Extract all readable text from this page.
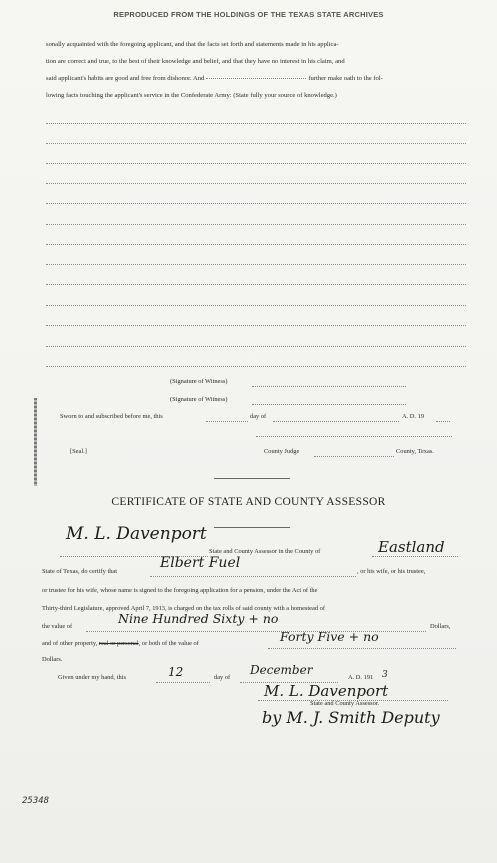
REPRODUCED FROM THE HOLDINGS OF THE TEXAS STATE ARCHIVES
sonally acquainted with the foregoing applicant, and that the facts set forth and statements made in his applica-
tion are correct and true, to the best of their knowledge and belief, and that they have no interest in his claim, and
said applicant's habits are good and free from dishonor. And	further make oath to the fol-
lowing facts touching the applicant's service in the Confederate Army: (State fully your source of knowledge.)
(Signature of Witness)
(Signature of Witness)
Sworn to and subscribed before me, this	day of	A. D. 19
[Seal.]	County Judge	County, Texas.
CERTIFICATE OF STATE AND COUNTY ASSESSOR
M. L. Davenport
State and County Assessor in the County of	Eastland
State of Texas, do certify that
Elbert Fuel
, or his wife, or his trustee,
or trustee for his wife, whose name is signed to the foregoing application for a pension, under the Act of the
Thirty-third Legislature, approved April 7, 1913, is charged on the tax rolls of said county with a homestead of
the value of
Nine Hundred Sixty + no
Dollars,
and of other property, real or personal, or both of the value of	Forty Five + no
Dollars.
Given under my hand, this	12	day of
December
A. D. 191 3
M. L. Davenport
State and County Assessor.
by M. J. Smith Deputy
25348
